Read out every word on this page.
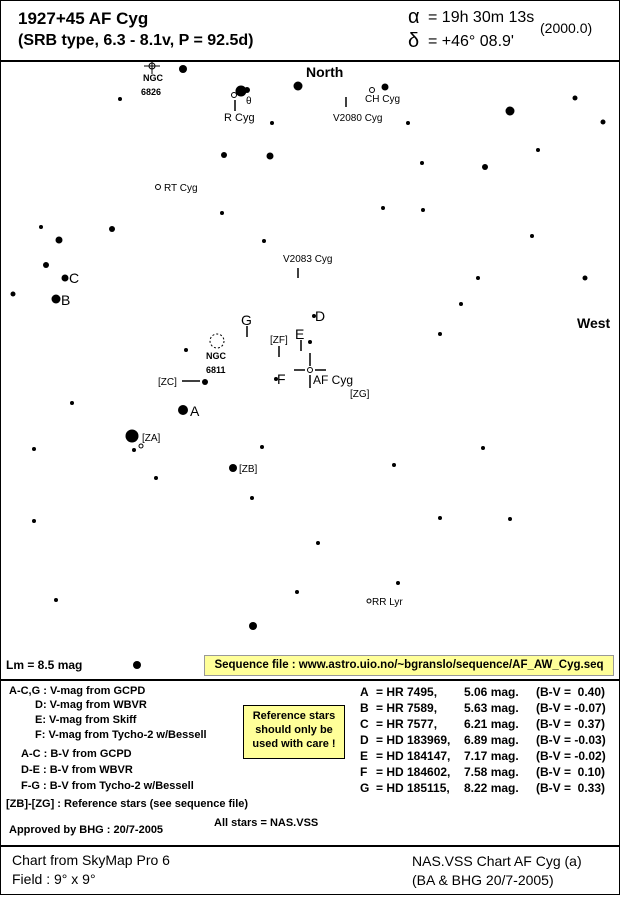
1927+45 AF Cyg
(SRB type, 6.3 - 8.1v, P = 92.5d)
α = 19h 30m 13s
δ = +46° 08.9'
(2000.0)
NGC
6826
North
θ
R Cyg
CH Cyg
V2080 Cyg
RT Cyg
V2083 Cyg
C
B
West
D
G
E
[ZF]
NGC
6811
[ZC]	F AF Cyg
[ZG]
A
[ZA]
[ZB]
RR Lyr
Lm = 8.5 mag	Sequence file : www.astro.uio.no/~bgranslo/sequence/AF_AW_Cyg.seq
A-C,G : V-mag from GCPD
D: V-mag from WBVR
E: V-mag from Skiff
F: V-mag from Tycho-2 w/Bessell
A-C : B-V from GCPD
D-E : B-V from WBVR
F-G : B-V from Tycho-2 w/Bessell
[ZB]-[ZG] : Reference stars (see sequence file)
Approved by BHG : 20/7-2005
All stars = NAS.VSS
Reference stars
should only be
used with care !
A = HR 7495, 5.06 mag. (B-V =  0.40)
B = HR 7589, 5.63 mag. (B-V = -0.07)
C = HR 7577, 6.21 mag. (B-V =  0.37)
D = HD 183969, 6.89 mag. (B-V = -0.03)
E = HD 184147, 7.17 mag. (B-V = -0.02)
F = HD 184602, 7.58 mag. (B-V =  0.10)
G = HD 185115, 8.22 mag. (B-V =  0.33)
Chart from SkyMap Pro 6
Field : 9° x 9°
NAS.VSS Chart AF Cyg (a)
(BA & BHG 20/7-2005)
